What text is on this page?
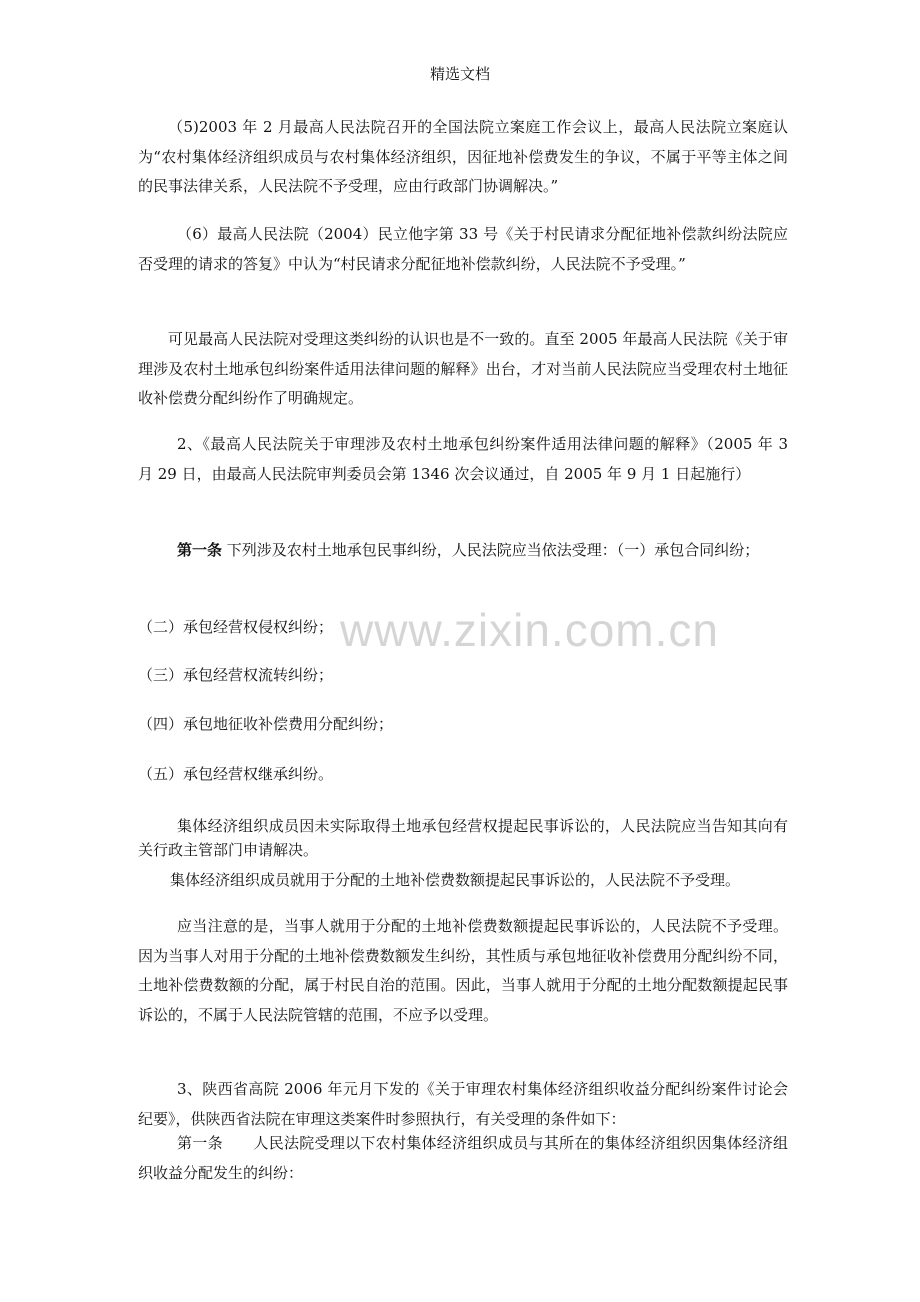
精选文档
www.zixin.com.cn

（5)2003 年 2 月最高人民法院召开的全国法院立案庭工作会议上，最高人民法院立案庭认为“农村集体经济组织成员与农村集体经济组织，因征地补偿费发生的争议，不属于平等主体之间的民事法律关系，人民法院不予受理，应由行政部门协调解决。”

（6）最高人民法院（2004）民立他字第 33 号《关于村民请求分配征地补偿款纠纷法院应否受理的请求的答复》中认为“村民请求分配征地补偿款纠纷，人民法院不予受理。”

可见最高人民法院对受理这类纠纷的认识也是不一致的。直至 2005 年最高人民法院《关于审理涉及农村土地承包纠纷案件适用法律问题的解释》出台，才对当前人民法院应当受理农村土地征收补偿费分配纠纷作了明确规定。

2、《最高人民法院关于审理涉及农村土地承包纠纷案件适用法律问题的解释》（2005 年 3 月 29 日，由最高人民法院审判委员会第 1346 次会议通过，自 2005 年 9 月 1 日起施行）

第一条 下列涉及农村土地承包民事纠纷，人民法院应当依法受理：（一）承包合同纠纷；

（二）承包经营权侵权纠纷；

（三）承包经营权流转纠纷；

（四）承包地征收补偿费用分配纠纷；

（五）承包经营权继承纠纷。

集体经济组织成员因未实际取得土地承包经营权提起民事诉讼的，人民法院应当告知其向有关行政主管部门申请解决。

集体经济组织成员就用于分配的土地补偿费数额提起民事诉讼的，人民法院不予受理。

应当注意的是，当事人就用于分配的土地补偿费数额提起民事诉讼的，人民法院不予受理。因为当事人对用于分配的土地补偿费数额发生纠纷，其性质与承包地征收补偿费用分配纠纷不同，土地补偿费数额的分配，属于村民自治的范围。因此，当事人就用于分配的土地分配数额提起民事诉讼的，不属于人民法院管辖的范围，不应予以受理。

3、陕西省高院 2006 年元月下发的《关于审理农村集体经济组织收益分配纠纷案件讨论会纪要》，供陕西省法院在审理这类案件时参照执行，有关受理的条件如下：

第一条　　人民法院受理以下农村集体经济组织成员与其所在的集体经济组织因集体经济组织收益分配发生的纠纷：
